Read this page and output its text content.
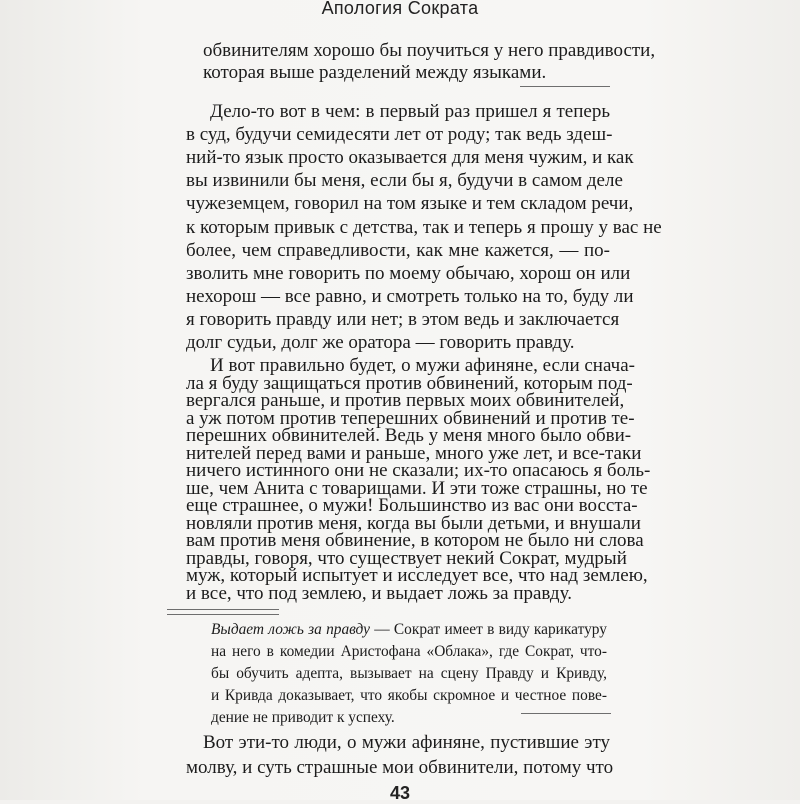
Апология Сократа
обвинителям хорошо бы поучиться у него правдивости,
которая выше разделений между языками.
Дело-то вот в чем: в первый раз пришел я теперь
в суд, будучи семидесяти лет от роду; так ведь здеш-
ний-то язык просто оказывается для меня чужим, и как
вы извинили бы меня, если бы я, будучи в самом деле
чужеземцем, говорил на том языке и тем складом речи,
к которым привык с детства, так и теперь я прошу у вас не
более, чем справедливости, как мне кажется, — по-
зволить мне говорить по моему обычаю, хорош он или
нехорош — все равно, и смотреть только на то, буду ли
я говорить правду или нет; в этом ведь и заключается
долг судьи, долг же оратора — говорить правду.
И вот правильно будет, о мужи афиняне, если снача-
ла я буду защищаться против обвинений, которым под-
вергался раньше, и против первых моих обвинителей,
а уж потом против теперешних обвинений и против те-
перешних обвинителей. Ведь у меня много было обви-
нителей перед вами и раньше, много уже лет, и все-таки
ничего истинного они не сказали; их-то опасаюсь я боль-
ше, чем Анита с товарищами. И эти тоже страшны, но те
еще страшнее, о мужи! Большинство из вас они восста-
новляли против меня, когда вы были детьми, и внушали
вам против меня обвинение, в котором не было ни слова
правды, говоря, что существует некий Сократ, мудрый
муж, который испытует и исследует все, что над землею,
и все, что под землею, и выдает ложь за правду.
Выдает ложь за правду — Сократ имеет в виду карикатуру
на него в комедии Аристофана «Облака», где Сократ, что-
бы обучить адепта, вызывает на сцену Правду и Кривду,
и Кривда доказывает, что якобы скромное и честное пове-
дение не приводит к успеху.
Вот эти-то люди, о мужи афиняне, пустившие эту
молву, и суть страшные мои обвинители, потому что
43
